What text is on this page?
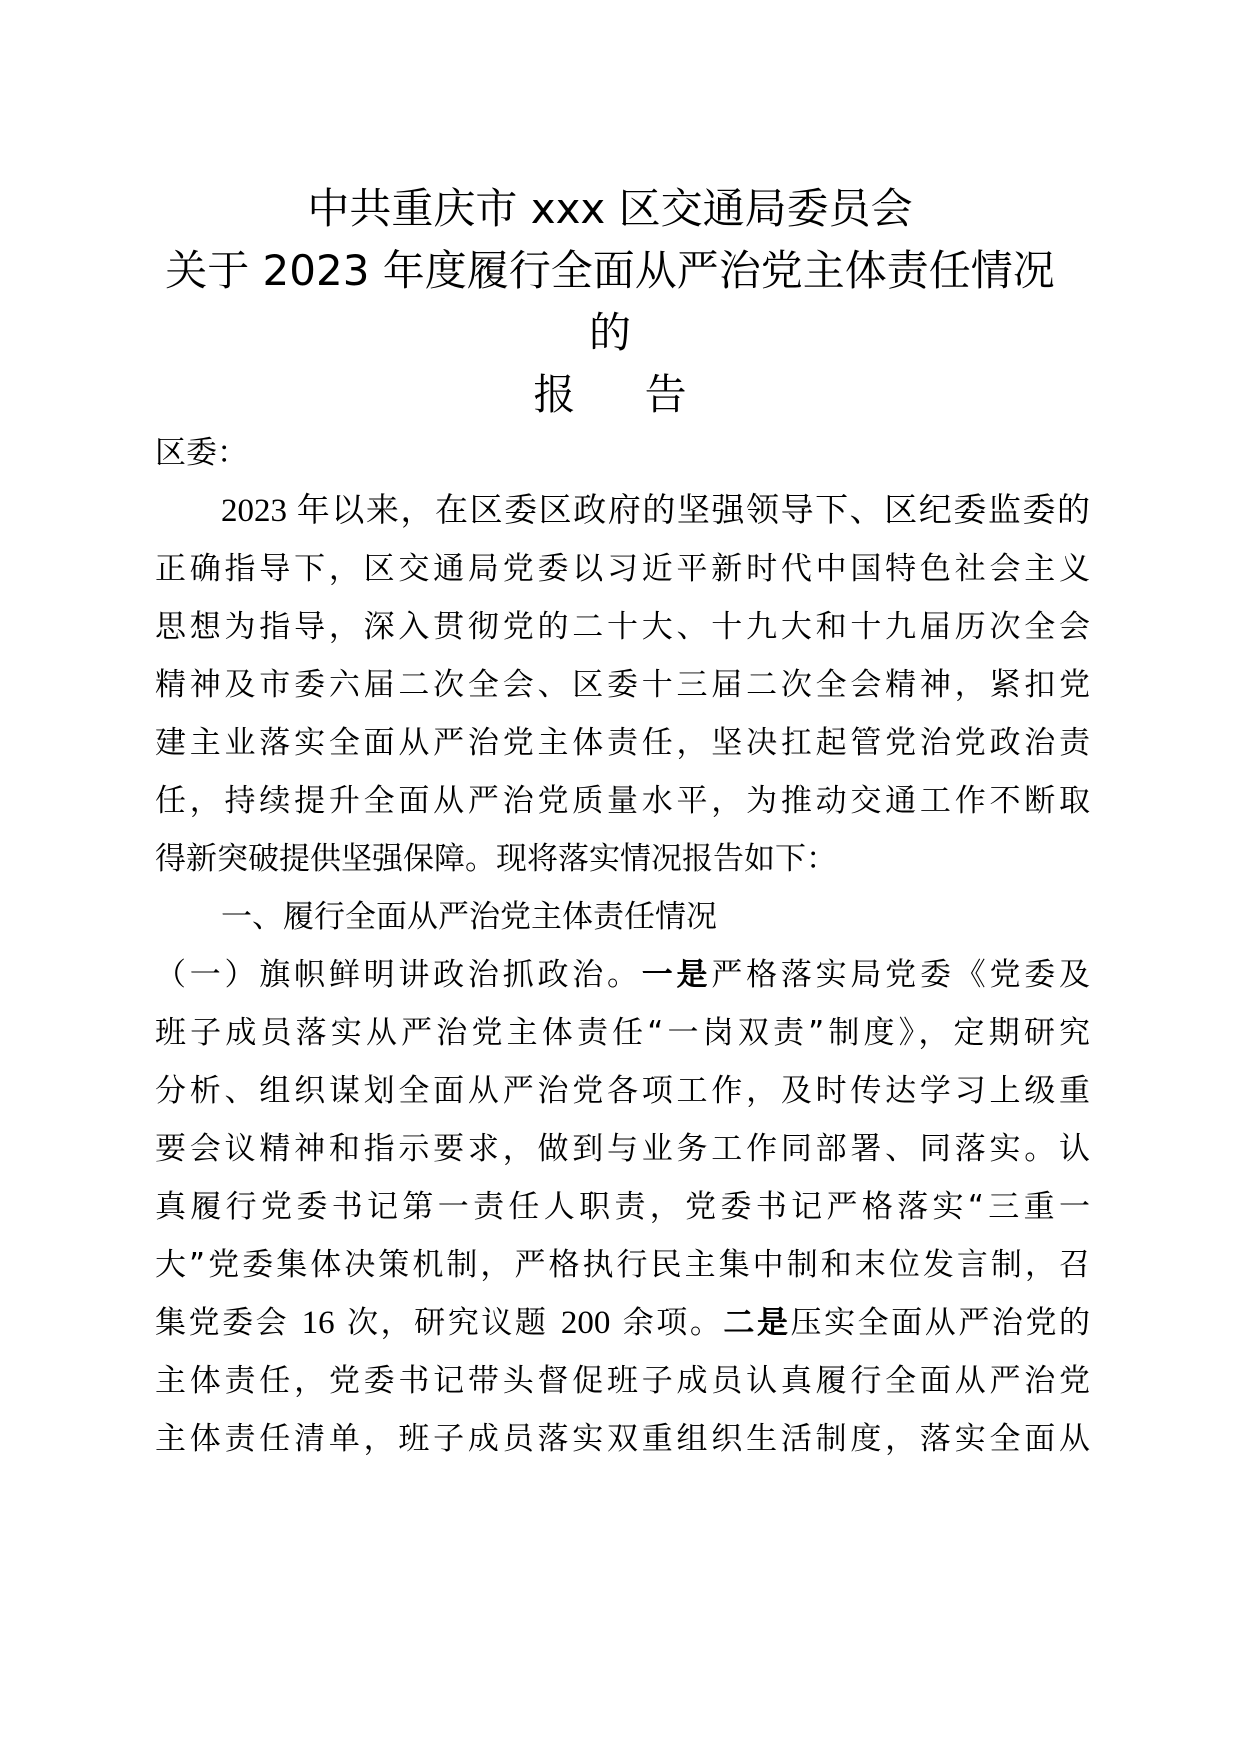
中共重庆市 xxx 区交通局委员会
关于 2023 年度履行全面从严治党主体责任情况
的
报 告
区委：
2023 年以来，在区委区政府的坚强领导下、区纪委监委的
正确指导下，区交通局党委以习近平新时代中国特色社会主义
思想为指导，深入贯彻党的二十大、十九大和十九届历次全会
精神及市委六届二次全会、区委十三届二次全会精神，紧扣党
建主业落实全面从严治党主体责任，坚决扛起管党治党政治责
任，持续提升全面从严治党质量水平，为推动交通工作不断取
得新突破提供坚强保障。现将落实情况报告如下：
一、履行全面从严治党主体责任情况
（一）旗帜鲜明讲政治抓政治。一是严格落实局党委《党委及
班子成员落实从严治党主体责任“一岗双责”制度》，定期研究
分析、组织谋划全面从严治党各项工作，及时传达学习上级重
要会议精神和指示要求，做到与业务工作同部署、同落实。认
真履行党委书记第一责任人职责，党委书记严格落实“三重一
大”党委集体决策机制，严格执行民主集中制和末位发言制，召
集党委会 16 次，研究议题 200 余项。二是压实全面从严治党的
主体责任，党委书记带头督促班子成员认真履行全面从严治党
主体责任清单，班子成员落实双重组织生活制度，落实全面从
